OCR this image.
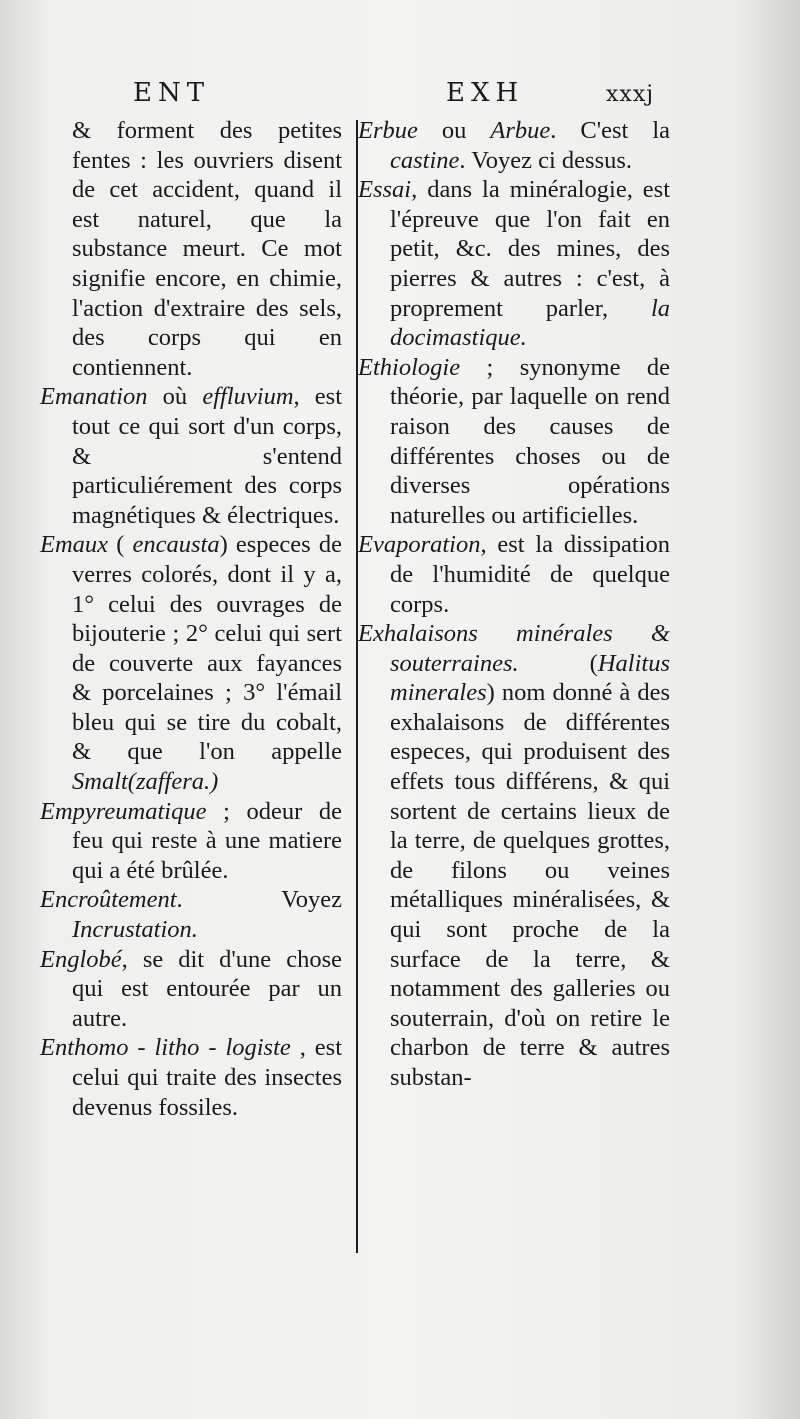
ENT	EXH	xxxj

& forment des petites fentes : les ouvriers disent de cet accident, quand il est naturel, que la substance meurt. Ce mot signifie encore, en chimie, l'action d'extraire des sels, des corps qui en contiennent.

Emanation où effluvium, est tout ce qui sort d'un corps, & s'entend particuliérement des corps magnétiques & électriques.

Emaux ( encausta) especes de verres colorés, dont il y a, 1° celui des ouvrages de bijouterie ; 2° celui qui sert de couverte aux fayances & porcelaines ; 3° l'émail bleu qui se tire du cobalt, & que l'on appelle Smalt(zaffera.)

Empyreumatique ; odeur de feu qui reste à une matiere qui a été brûlée.

Encroûtement. Voyez Incrustation.

Englobé, se dit d'une chose qui est entourée par un autre.

Enthomo - litho - logiste , est celui qui traite des insectes devenus fossiles.

Erbue ou Arbue. C'est la castine. Voyez ci dessus.

Essai, dans la minéralogie, est l'épreuve que l'on fait en petit, &c. des mines, des pierres & autres : c'est, à proprement parler, la docimastique.

Ethiologie ; synonyme de théorie, par laquelle on rend raison des causes de différentes choses ou de diverses opérations naturelles ou artificielles.

Evaporation, est la dissipation de l'humidité de quelque corps.

Exhalaisons minérales & souterraines. (Halitus minerales) nom donné à des exhalaisons de différentes especes, qui produisent des effets tous différens, & qui sortent de certains lieux de la terre, de quelques grottes, de filons ou veines métalliques minéralisées, & qui sont proche de la surface de la terre, & notamment des galleries ou souterrain, d'où on retire le charbon de terre & autres substan-
